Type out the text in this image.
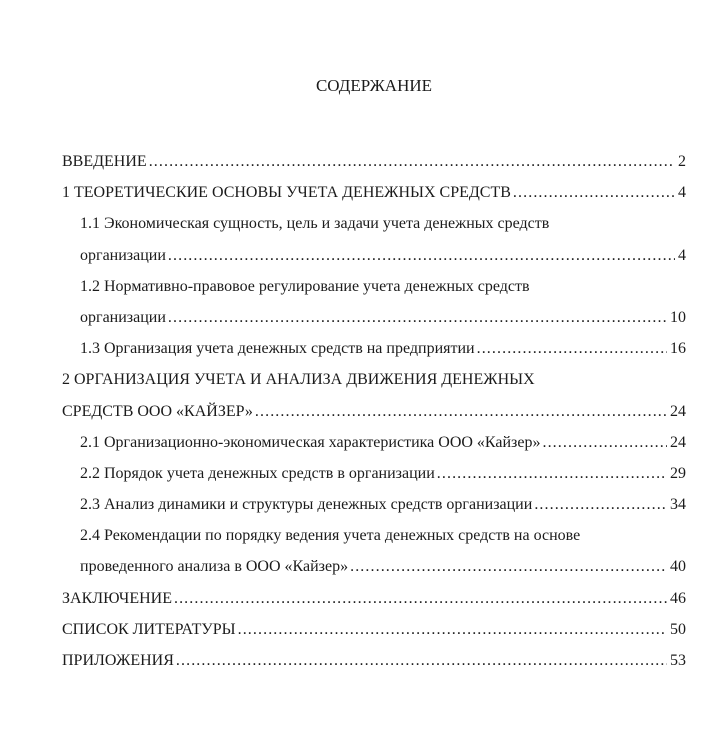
СОДЕРЖАНИЕ
ВВЕДЕНИЕ .....	2
1 ТЕОРЕТИЧЕСКИЕ ОСНОВЫ УЧЕТА ДЕНЕЖНЫХ СРЕДСТВ .....	4
1.1 Экономическая сущность, цель и задачи учета денежных средств
организации .....	4
1.2 Нормативно-правовое регулирование учета денежных средств
организации .....	10
1.3 Организация учета денежных средств на предприятии .....	16
2 ОРГАНИЗАЦИЯ УЧЕТА И АНАЛИЗА ДВИЖЕНИЯ ДЕНЕЖНЫХ
СРЕДСТВ ООО «КАЙЗЕР» .....	24
2.1 Организационно-экономическая характеристика ООО «Кайзер» .....	24
2.2 Порядок учета денежных средств в организации .....	29
2.3 Анализ динамики и структуры денежных средств организации .....	34
2.4 Рекомендации по порядку ведения учета денежных средств на основе
проведенного анализа в ООО «Кайзер» .....	40
ЗАКЛЮЧЕНИЕ .....	46
СПИСОК ЛИТЕРАТУРЫ .....	50
ПРИЛОЖЕНИЯ .....	53
